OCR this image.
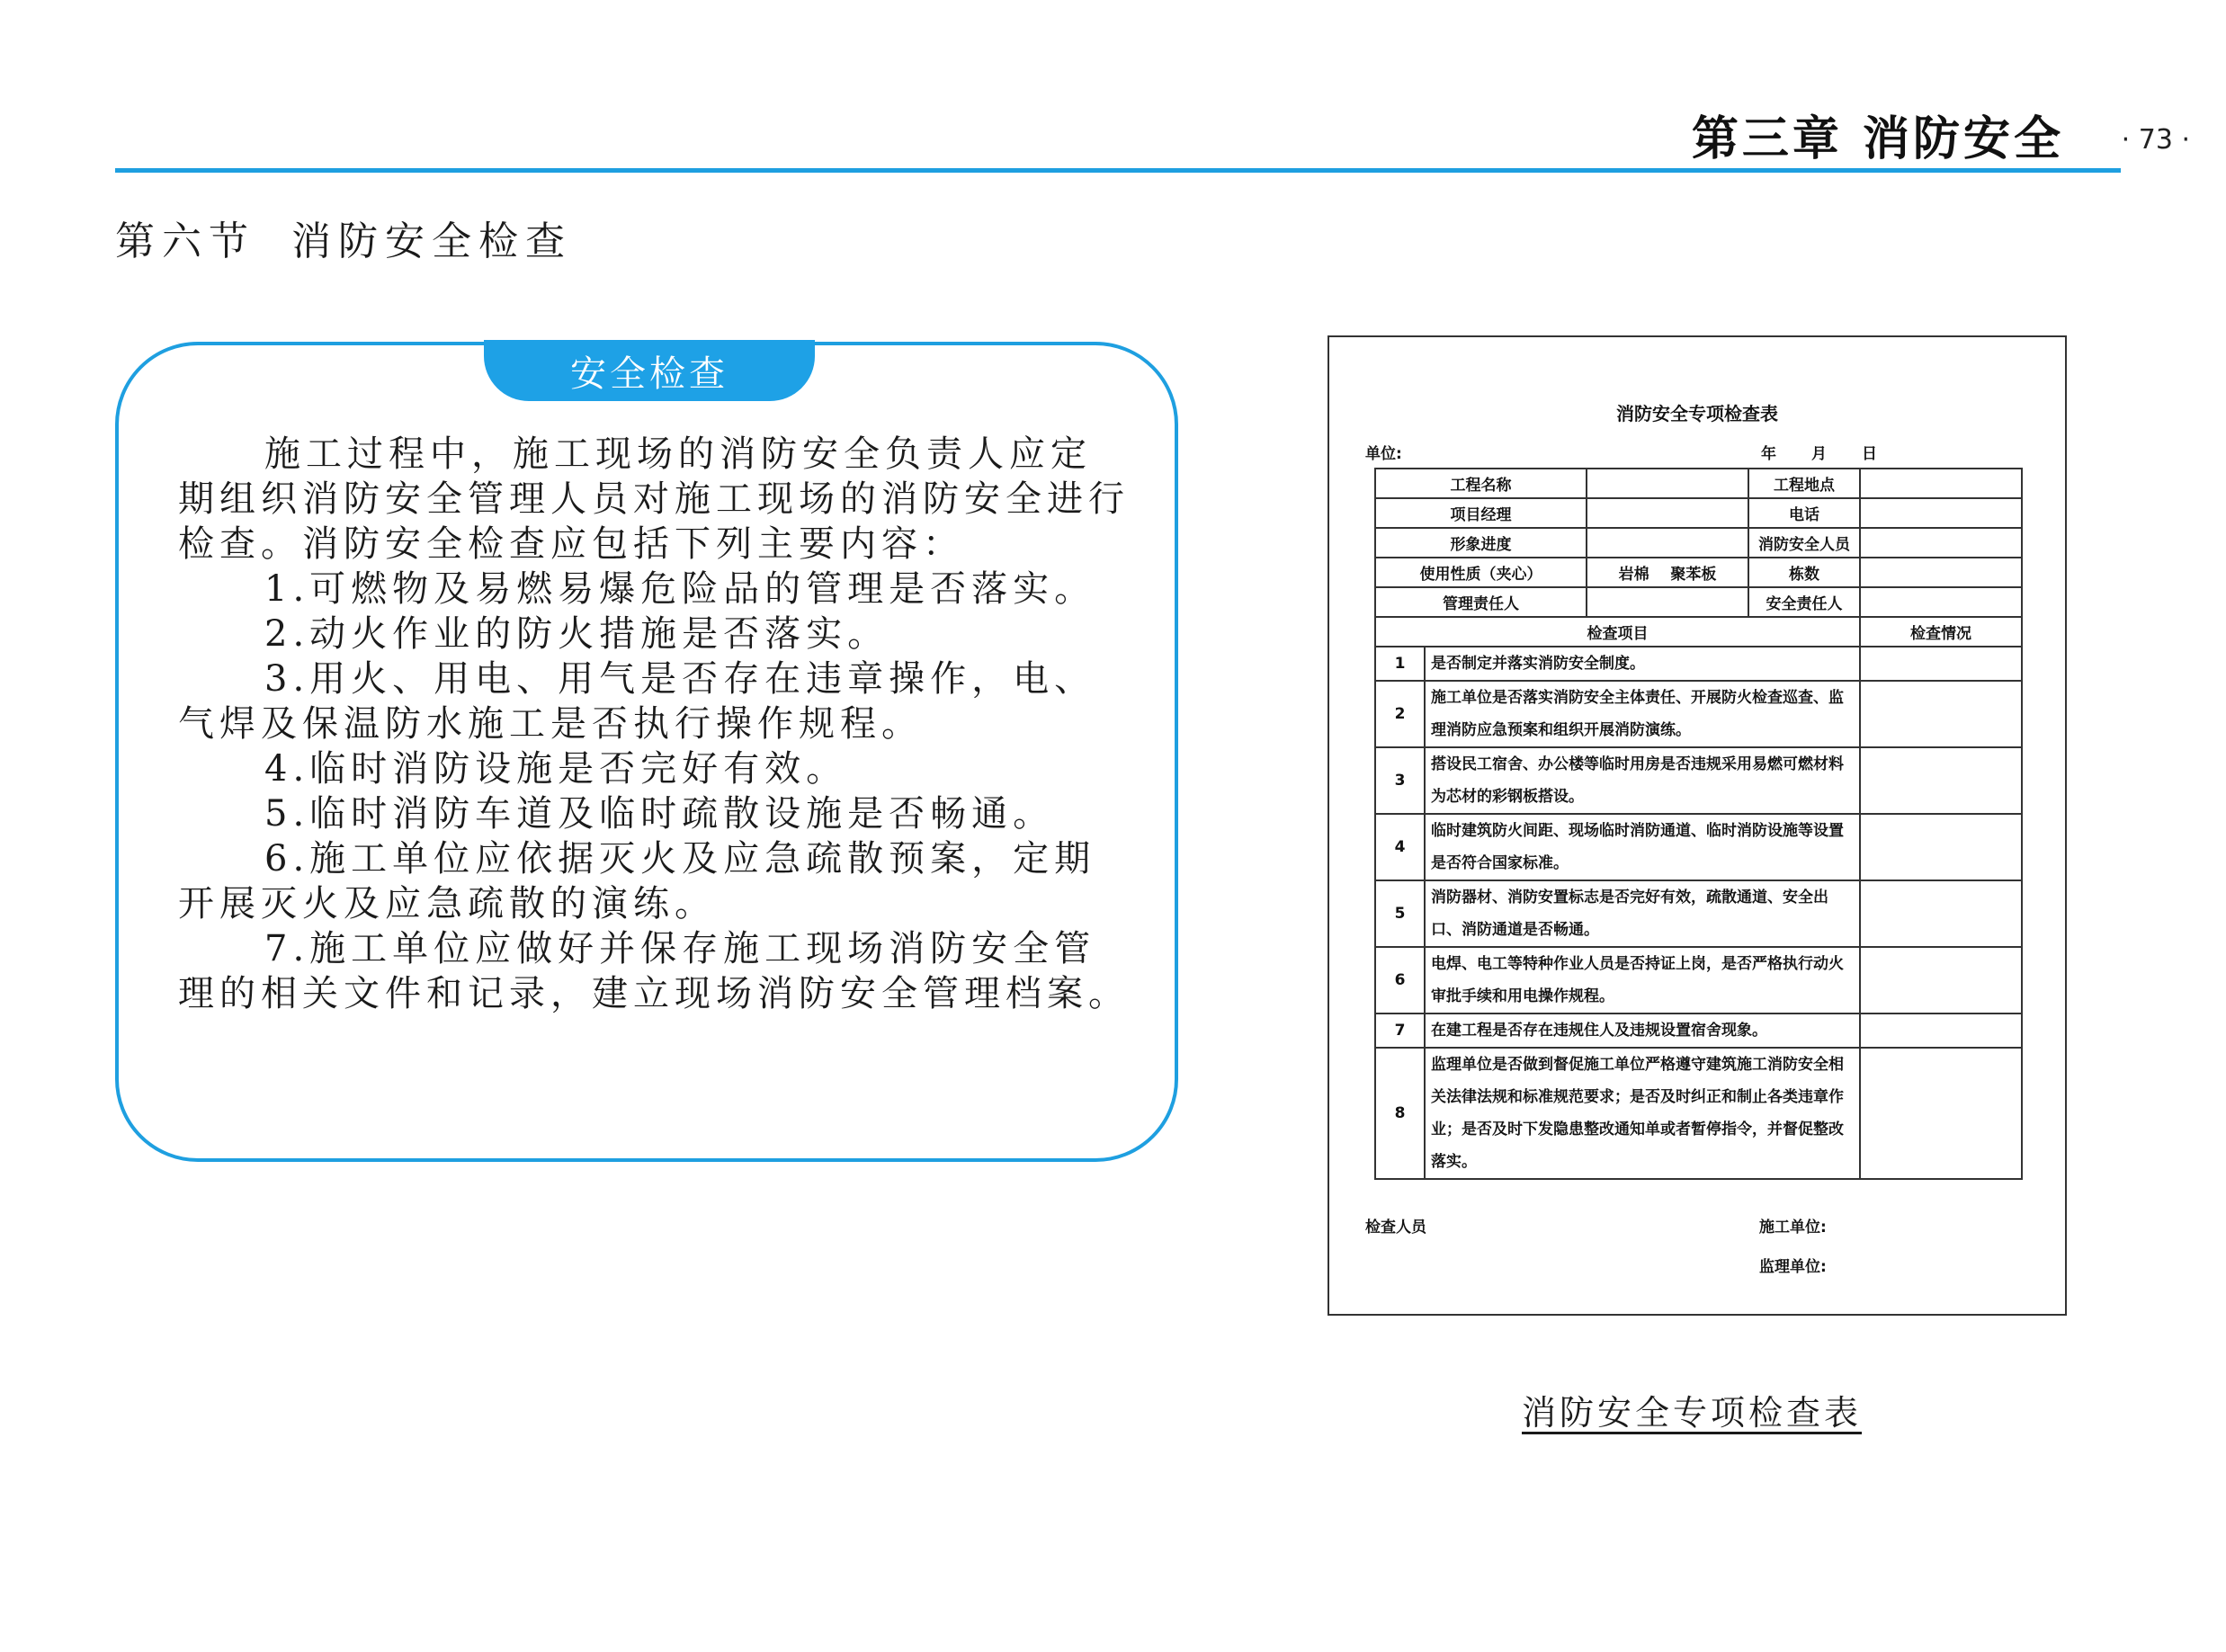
第三章 消防安全 · 73 ·
第六节 消防安全检查
安全检查

施工过程中，施工现场的消防安全负责人应定期组织消防安全管理人员对施工现场的消防安全进行检查。消防安全检查应包括下列主要内容：

1.可燃物及易燃易爆危险品的管理是否落实。

2.动火作业的防火措施是否落实。

3.用火、用电、用气是否存在违章操作，电、气焊及保温防水施工是否执行操作规程。

4.临时消防设施是否完好有效。

5.临时消防车道及临时疏散设施是否畅通。

6.施工单位应依据灭火及应急疏散预案，定期开展灭火及应急疏散的演练。

7.施工单位应做好并保存施工现场消防安全管理的相关文件和记录，建立现场消防安全管理档案。

消防安全专项检查表
单位:	年 月 日
工程名称			工程地点	
项目经理			电话	
形象进度			消防安全人员	
使用性质（夹心）		岩棉    聚苯板	栋数	
管理责任人			安全责任人	
检查项目				检查情况
1	是否制定并落实消防安全制度。			
2	施工单位是否落实消防安全主体责任、开展防火检查巡查、监理消防应急预案和组织开展消防演练。			
3	搭设民工宿舍、办公楼等临时用房是否违规采用易燃可燃材料为芯材的彩钢板搭设。			
4	临时建筑防火间距、现场临时消防通道、临时消防设施等设置是否符合国家标准。			
5	消防器材、消防安置标志是否完好有效，疏散通道、安全出口、消防通道是否畅通。			
6	电焊、电工等特种作业人员是否持证上岗，是否严格执行动火审批手续和用电操作规程。			
7	在建工程是否存在违规住人及违规设置宿舍现象。			
8	监理单位是否做到督促施工单位严格遵守建筑施工消防安全相关法律法规和标准规范要求；是否及时纠正和制止各类违章作业；是否及时下发隐患整改通知单或者暂停指令，并督促整改落实。			
检查人员	施工单位:
监理单位:
消防安全专项检查表
